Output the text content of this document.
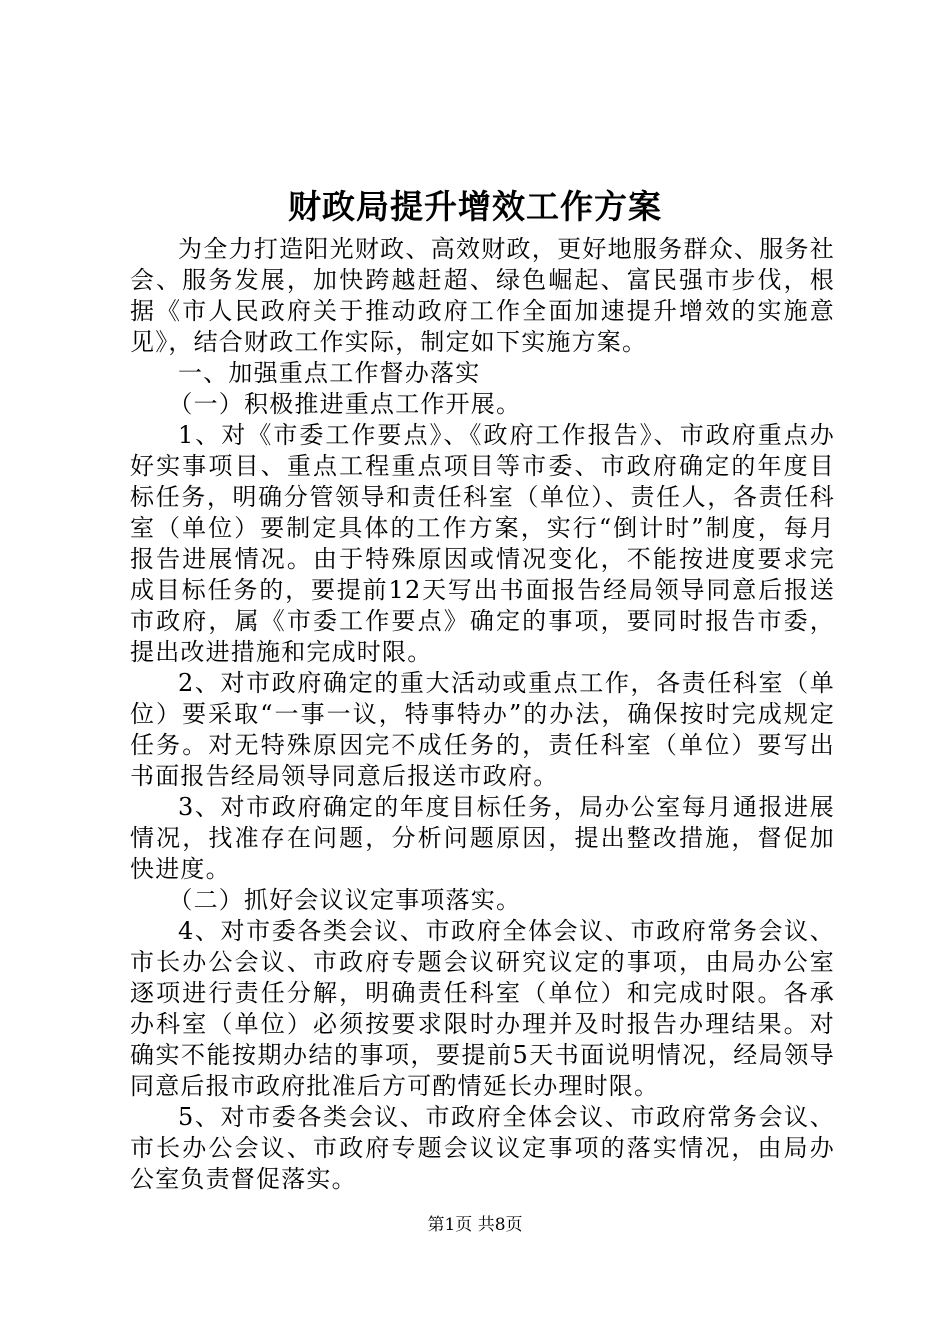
财政局提升增效工作方案

为全力打造阳光财政、高效财政，更好地服务群众、服务社会、服务发展，加快跨越赶超、绿色崛起、富民强市步伐，根据《市人民政府关于推动政府工作全面加速提升增效的实施意见》，结合财政工作实际，制定如下实施方案。

一、加强重点工作督办落实

（一）积极推进重点工作开展。

1、对《市委工作要点》、《政府工作报告》、市政府重点办好实事项目、重点工程重点项目等市委、市政府确定的年度目标任务，明确分管领导和责任科室（单位）、责任人，各责任科室（单位）要制定具体的工作方案，实行“倒计时”制度，每月报告进展情况。由于特殊原因或情况变化，不能按进度要求完成目标任务的，要提前12天写出书面报告经局领导同意后报送市政府，属《市委工作要点》确定的事项，要同时报告市委，提出改进措施和完成时限。

2、对市政府确定的重大活动或重点工作，各责任科室（单位）要采取“一事一议，特事特办”的办法，确保按时完成规定任务。对无特殊原因完不成任务的，责任科室（单位）要写出书面报告经局领导同意后报送市政府。

3、对市政府确定的年度目标任务，局办公室每月通报进展情况，找准存在问题，分析问题原因，提出整改措施，督促加快进度。

（二）抓好会议议定事项落实。

4、对市委各类会议、市政府全体会议、市政府常务会议、市长办公会议、市政府专题会议研究议定的事项，由局办公室逐项进行责任分解，明确责任科室（单位）和完成时限。各承办科室（单位）必须按要求限时办理并及时报告办理结果。对确实不能按期办结的事项，要提前5天书面说明情况，经局领导同意后报市政府批准后方可酌情延长办理时限。

5、对市委各类会议、市政府全体会议、市政府常务会议、市长办公会议、市政府专题会议议定事项的落实情况，由局办公室负责督促落实。

第1页 共8页
